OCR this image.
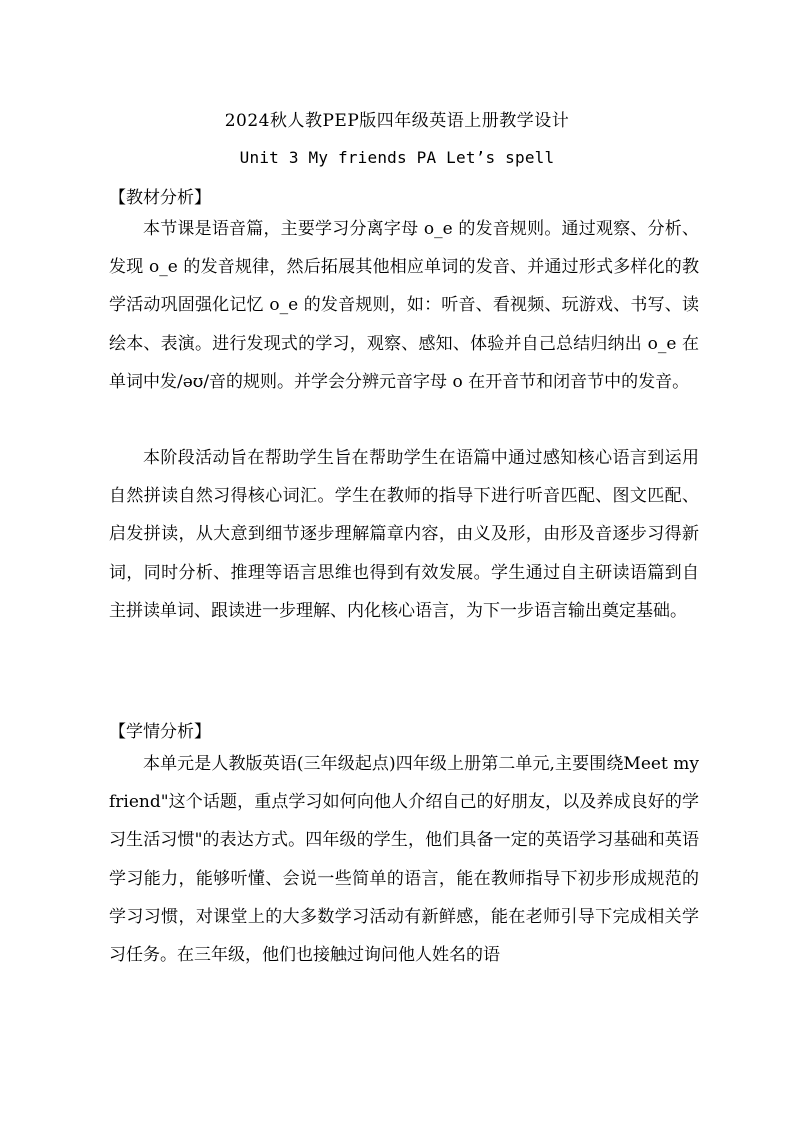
2024秋人教PEP版四年级英语上册教学设计
Unit 3 My friends PA Let’s spell
【教材分析】

本节课是语音篇，主要学习分离字母 o_e 的发音规则。通过观察、分析、发现 o_e 的发音规律，然后拓展其他相应单词的发音、并通过形式多样化的教学活动巩固强化记忆 o_e 的发音规则，如：听音、看视频、玩游戏、书写、读绘本、表演。进行发现式的学习，观察、感知、体验并自己总结归纳出 o_e 在单词中发/əʊ/音的规则。并学会分辨元音字母 o 在开音节和闭音节中的发音。

本阶段活动旨在帮助学生旨在帮助学生在语篇中通过感知核心语言到运用自然拼读自然习得核心词汇。学生在教师的指导下进行听音匹配、图文匹配、启发拼读，从大意到细节逐步理解篇章内容，由义及形，由形及音逐步习得新词，同时分析、推理等语言思维也得到有效发展。学生通过自主研读语篇到自主拼读单词、跟读进一步理解、内化核心语言，为下一步语言输出奠定基础。

【学情分析】

本单元是人教版英语(三年级起点)四年级上册第二单元,主要围绕Meet my friend"这个话题，重点学习如何向他人介绍自己的好朋友，以及养成良好的学习生活习惯"的表达方式。四年级的学生，他们具备一定的英语学习基础和英语学习能力，能够听懂、会说一些简单的语言，能在教师指导下初步形成规范的学习习惯，对课堂上的大多数学习活动有新鲜感，能在老师引导下完成相关学习任务。在三年级，他们也接触过询问他人姓名的语
